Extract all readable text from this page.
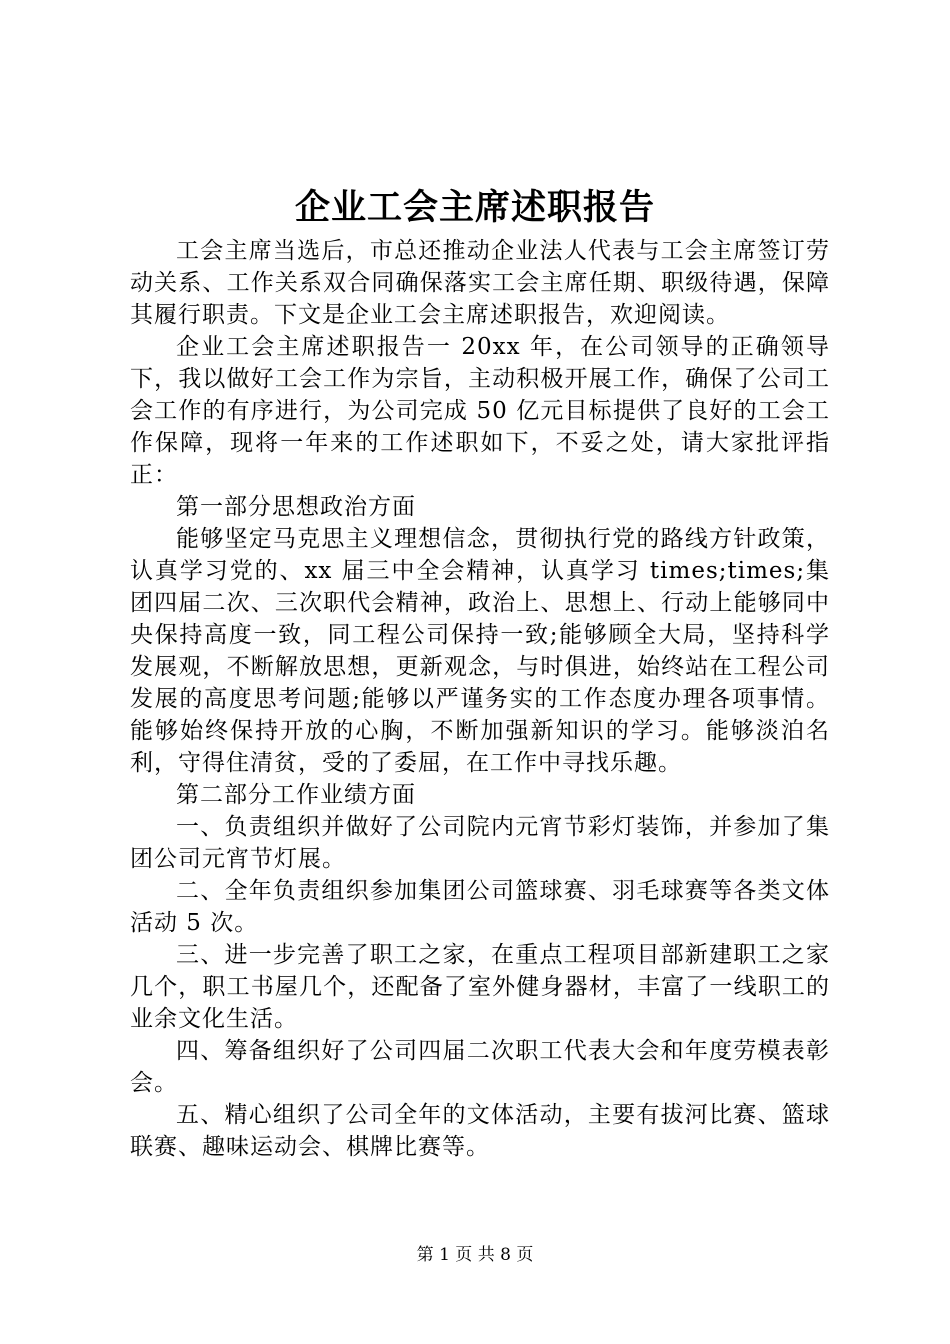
企业工会主席述职报告

工会主席当选后，市总还推动企业法人代表与工会主席签订劳动关系、工作关系双合同确保落实工会主席任期、职级待遇，保障其履行职责。下文是企业工会主席述职报告，欢迎阅读。

企业工会主席述职报告一 20xx 年，在公司领导的正确领导下，我以做好工会工作为宗旨，主动积极开展工作，确保了公司工会工作的有序进行，为公司完成 50 亿元目标提供了良好的工会工作保障，现将一年来的工作述职如下，不妥之处，请大家批评指正：

第一部分思想政治方面

能够坚定马克思主义理想信念，贯彻执行党的路线方针政策，认真学习党的、xx 届三中全会精神，认真学习 times;times;集团四届二次、三次职代会精神，政治上、思想上、行动上能够同中央保持高度一致，同工程公司保持一致;能够顾全大局，坚持科学发展观，不断解放思想，更新观念，与时俱进，始终站在工程公司发展的高度思考问题;能够以严谨务实的工作态度办理各项事情。能够始终保持开放的心胸，不断加强新知识的学习。能够淡泊名利，守得住清贫，受的了委屈，在工作中寻找乐趣。

第二部分工作业绩方面

一、负责组织并做好了公司院内元宵节彩灯装饰，并参加了集团公司元宵节灯展。

二、全年负责组织参加集团公司篮球赛、羽毛球赛等各类文体活动 5 次。

三、进一步完善了职工之家，在重点工程项目部新建职工之家几个，职工书屋几个，还配备了室外健身器材，丰富了一线职工的业余文化生活。

四、筹备组织好了公司四届二次职工代表大会和年度劳模表彰会。

五、精心组织了公司全年的文体活动，主要有拔河比赛、篮球联赛、趣味运动会、棋牌比赛等。

第 1 页 共 8 页
